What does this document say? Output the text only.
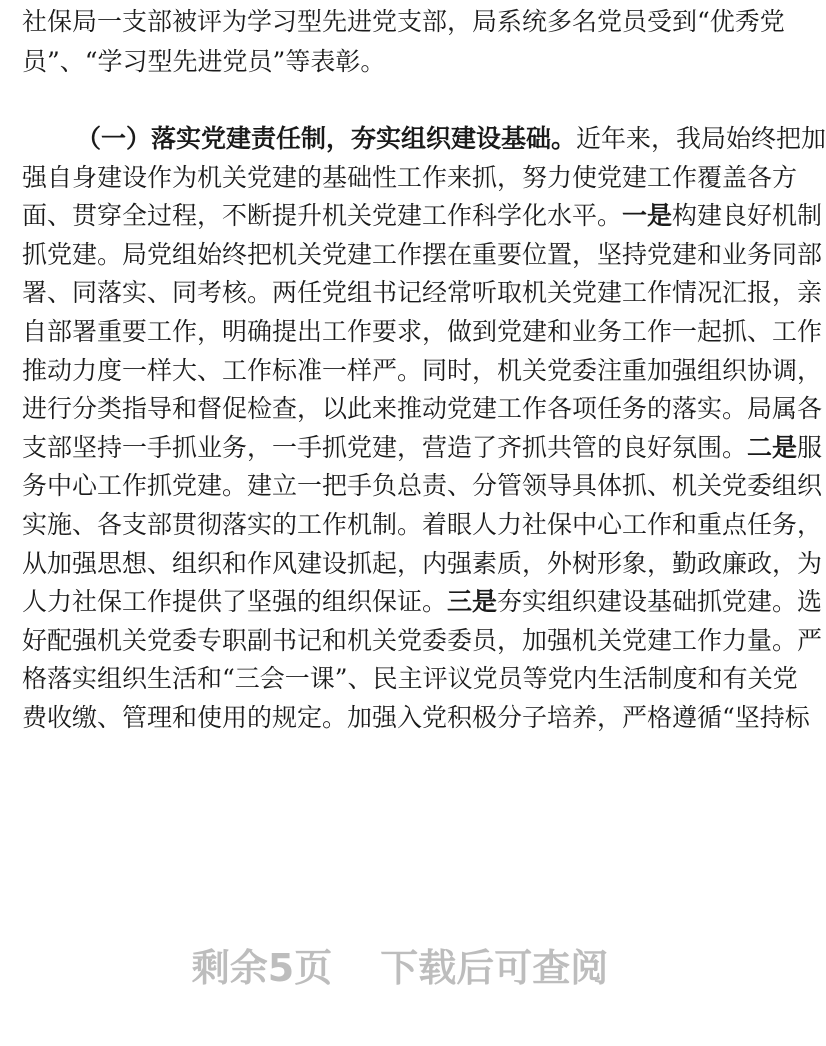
社保局一支部被评为学习型先进党支部，局系统多名党员受到“优秀党
员”、“学习型先进党员”等表彰。
（一）落实党建责任制，夯实组织建设基础。近年来，我局始终把加
强自身建设作为机关党建的基础性工作来抓，努力使党建工作覆盖各方
面、贯穿全过程，不断提升机关党建工作科学化水平。一是构建良好机制
抓党建。局党组始终把机关党建工作摆在重要位置，坚持党建和业务同部
署、同落实、同考核。两任党组书记经常听取机关党建工作情况汇报，亲
自部署重要工作，明确提出工作要求，做到党建和业务工作一起抓、工作
推动力度一样大、工作标准一样严。同时，机关党委注重加强组织协调，
进行分类指导和督促检查，以此来推动党建工作各项任务的落实。局属各
支部坚持一手抓业务，一手抓党建，营造了齐抓共管的良好氛围。二是服
务中心工作抓党建。建立一把手负总责、分管领导具体抓、机关党委组织
实施、各支部贯彻落实的工作机制。着眼人力社保中心工作和重点任务，
从加强思想、组织和作风建设抓起，内强素质，外树形象，勤政廉政，为
人力社保工作提供了坚强的组织保证。三是夯实组织建设基础抓党建。选
好配强机关党委专职副书记和机关党委委员，加强机关党建工作力量。严
格落实组织生活和“三会一课”、民主评议党员等党内生活制度和有关党
费收缴、管理和使用的规定。加强入党积极分子培养，严格遵循“坚持标
剩余5页 下载后可查阅
